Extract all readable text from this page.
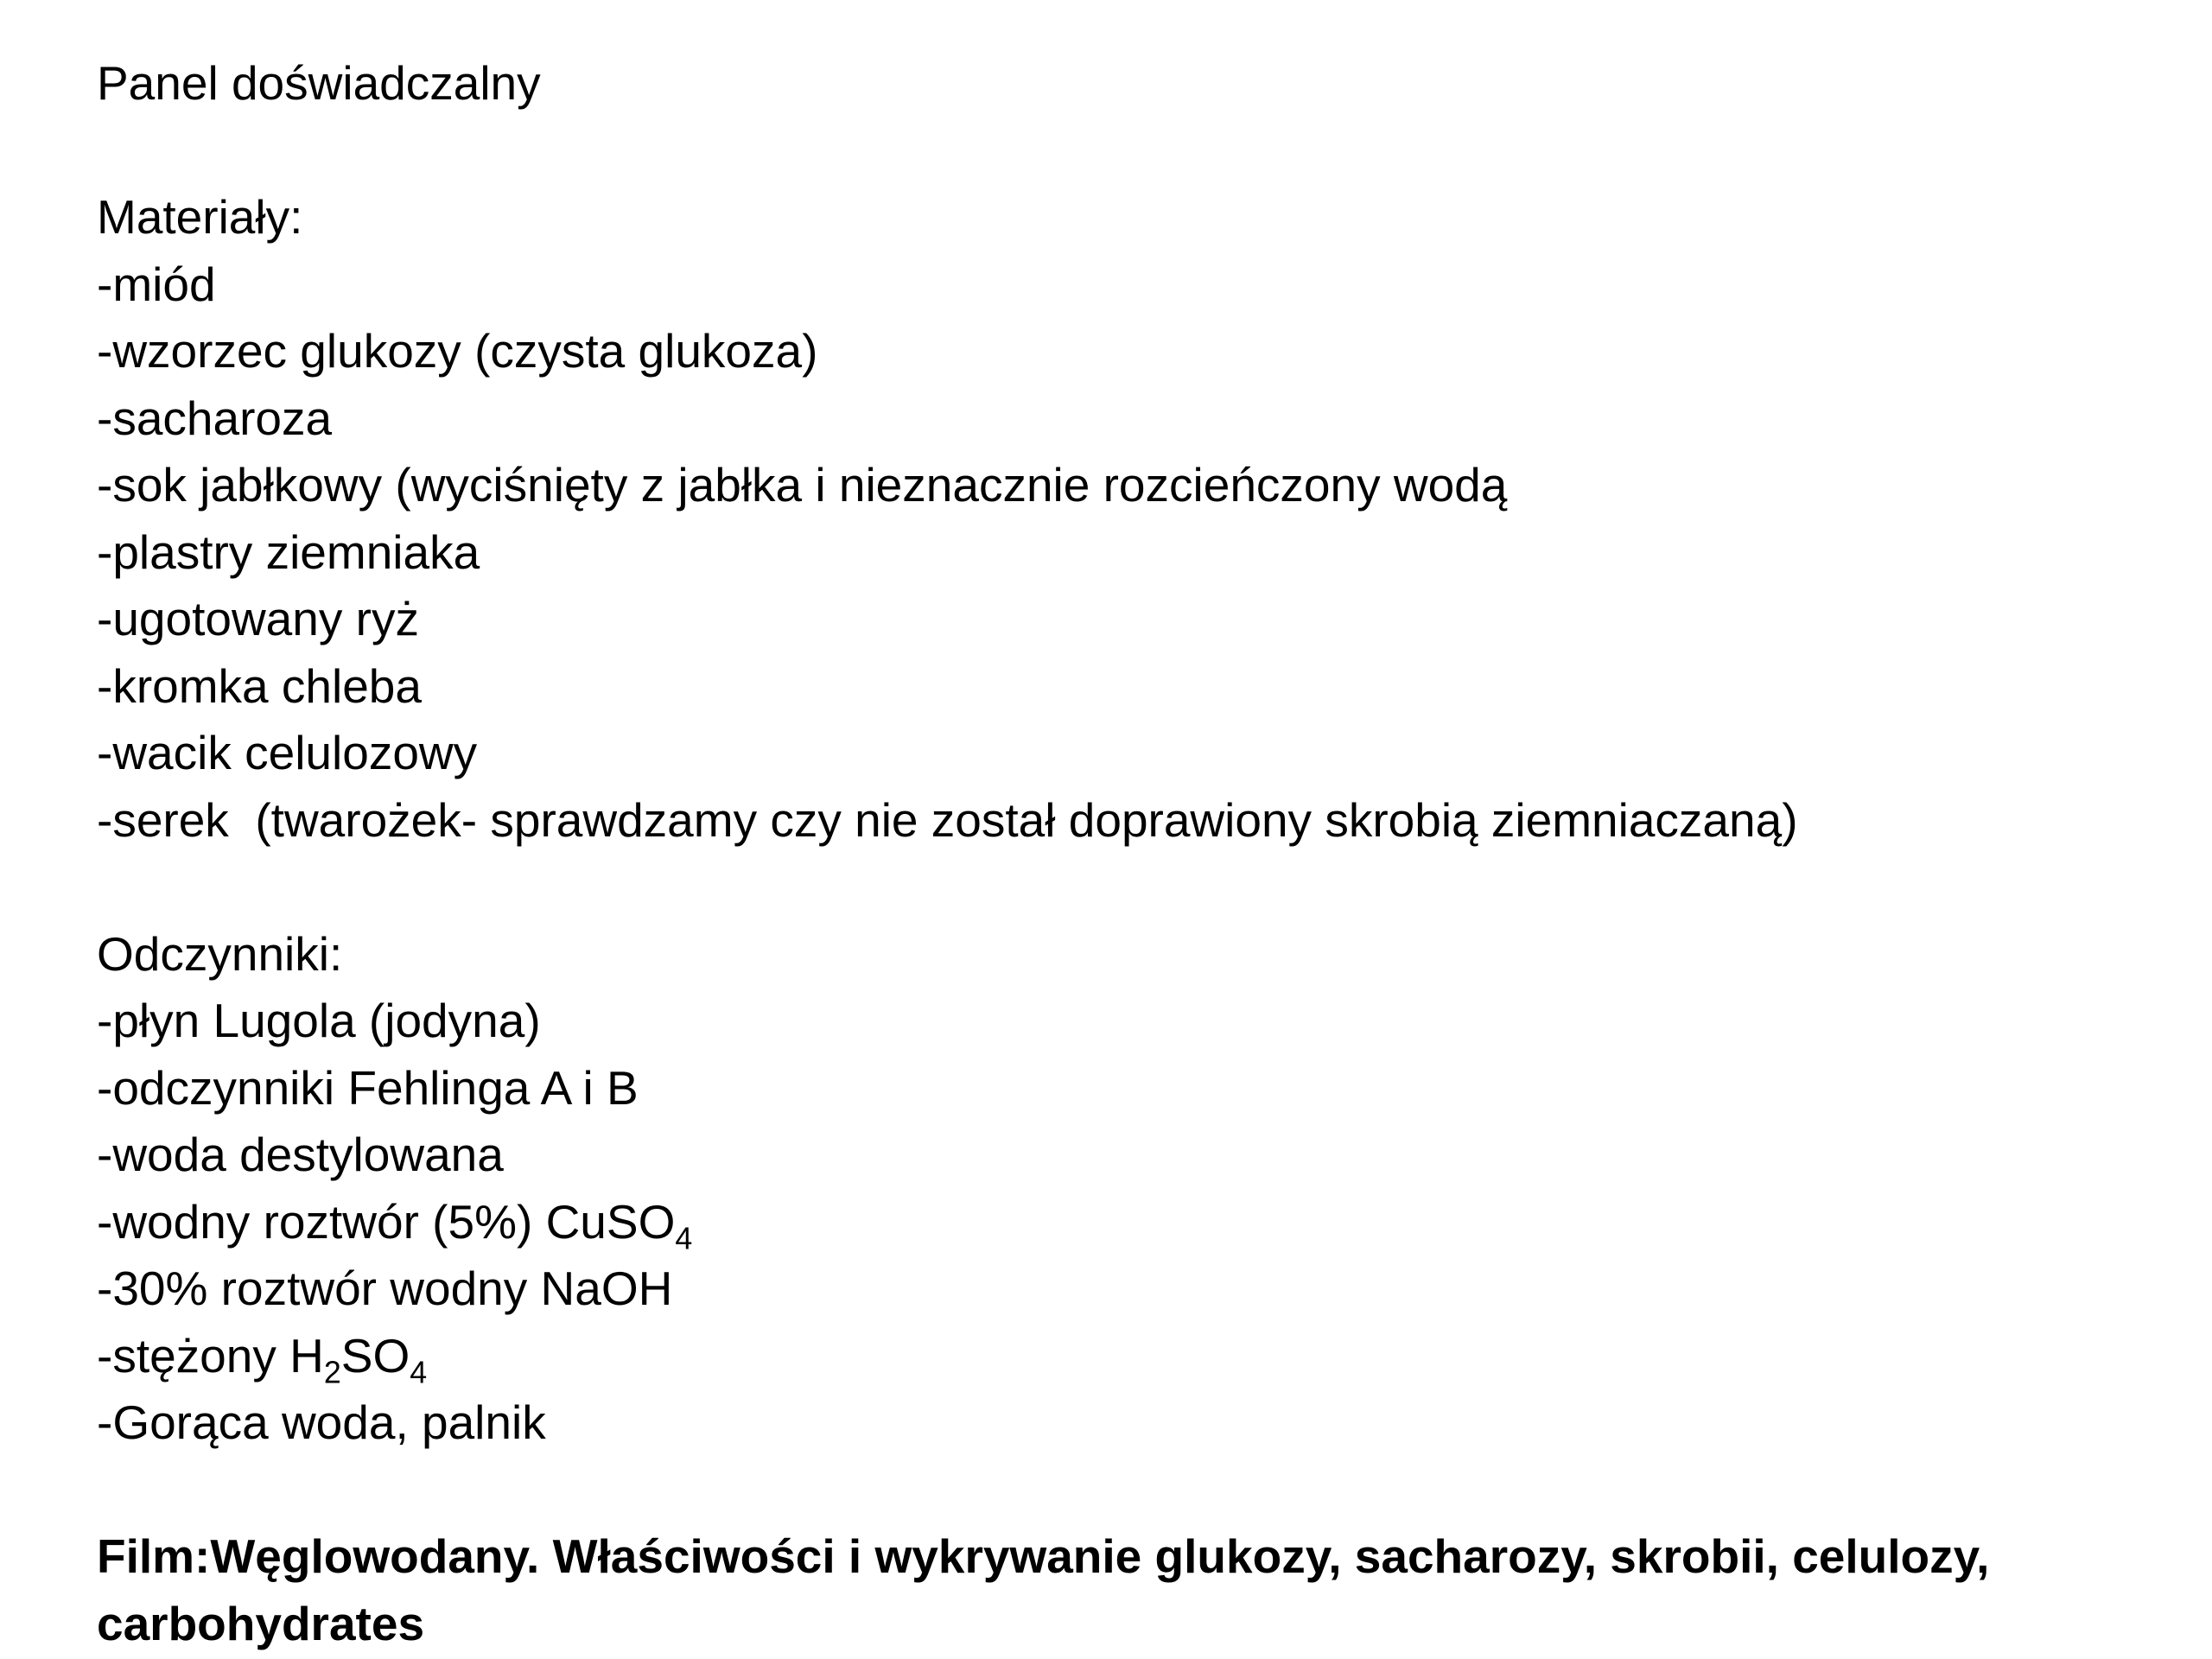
Panel doświadczalny
Materiały:
-miód
-wzorzec glukozy (czysta glukoza)
-sacharoza
-sok jabłkowy (wyciśnięty z jabłka i nieznacznie rozcieńczony wodą
-plastry ziemniaka
-ugotowany ryż
-kromka chleba
-wacik celulozowy
-serek  (twarożek- sprawdzamy czy nie został doprawiony skrobią ziemniaczaną)
Odczynniki:
-płyn Lugola (jodyna)
-odczynniki Fehlinga A i B
-woda destylowana
-wodny roztwór (5%) CuSO$_4$
-30% roztwór wodny NaOH
-stężony $H_2SO_4$
-Gorąca woda, palnik
Film:Węglowodany. Właściwości i wykrywanie glukozy, sacharozy, skrobii, celulozy, carbohydrates
